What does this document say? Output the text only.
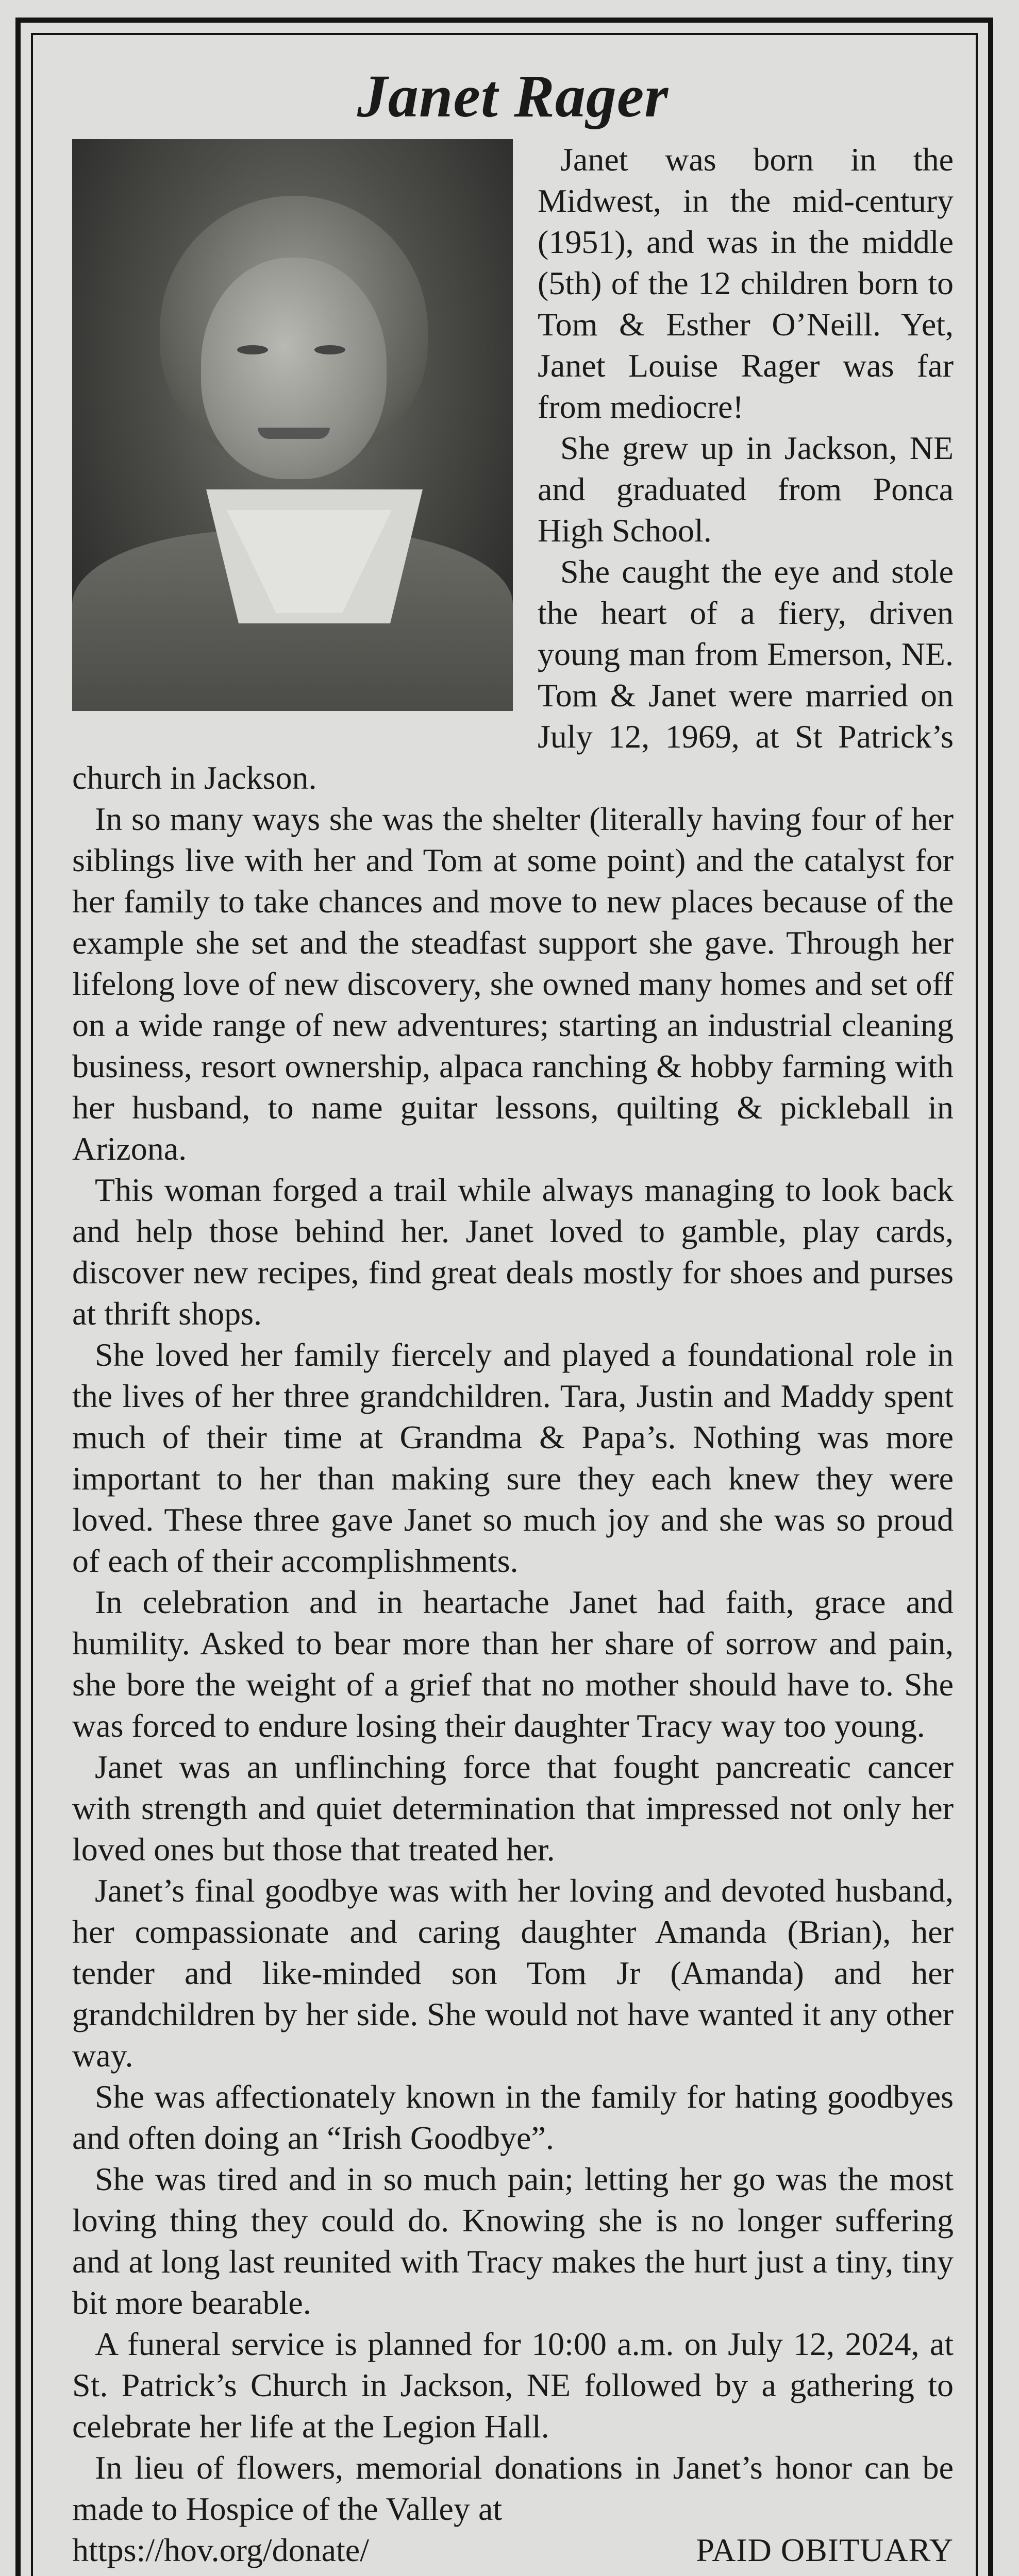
Janet Rager

Janet was born in the Midwest, in the mid-century (1951), and was in the middle (5th) of the 12 children born to Tom & Esther O’Neill. Yet, Janet Louise Rager was far from mediocre!

She grew up in Jackson, NE and graduated from Ponca High School.

She caught the eye and stole the heart of a fiery, driven young man from Emerson, NE. Tom & Janet were married on July 12, 1969, at St Patrick’s church in Jackson.

In so many ways she was the shelter (literally having four of her siblings live with her and Tom at some point) and the catalyst for her family to take chances and move to new places because of the example she set and the steadfast support she gave. Through her lifelong love of new discovery, she owned many homes and set off on a wide range of new adventures; starting an industrial cleaning business, resort ownership, alpaca ranching & hobby farming with her husband, to name guitar lessons, quilting & pickleball in Arizona.

This woman forged a trail while always managing to look back and help those behind her. Janet loved to gamble, play cards, discover new recipes, find great deals mostly for shoes and purses at thrift shops.

She loved her family fiercely and played a foundational role in the lives of her three grandchildren. Tara, Justin and Maddy spent much of their time at Grandma & Papa’s. Nothing was more important to her than making sure they each knew they were loved. These three gave Janet so much joy and she was so proud of each of their accomplishments.

In celebration and in heartache Janet had faith, grace and humility. Asked to bear more than her share of sorrow and pain, she bore the weight of a grief that no mother should have to. She was forced to endure losing their daughter Tracy way too young.

Janet was an unflinching force that fought pancreatic cancer with strength and quiet determination that impressed not only her loved ones but those that treated her.

Janet’s final goodbye was with her loving and devoted husband, her compassionate and caring daughter Amanda (Brian), her tender and like-minded son Tom Jr (Amanda) and her grandchildren by her side. She would not have wanted it any other way.

She was affectionately known in the family for hating goodbyes and often doing an “Irish Goodbye”.

She was tired and in so much pain; letting her go was the most loving thing they could do. Knowing she is no longer suffering and at long last reunited with Tracy makes the hurt just a tiny, tiny bit more bearable.

A funeral service is planned for 10:00 a.m. on July 12, 2024, at St. Patrick’s Church in Jackson, NE followed by a gathering to celebrate her life at the Legion Hall.

In lieu of flowers, memorial donations in Janet’s honor can be made to Hospice of the Valley at

https://hov.org/donate/	PAID OBITUARY
